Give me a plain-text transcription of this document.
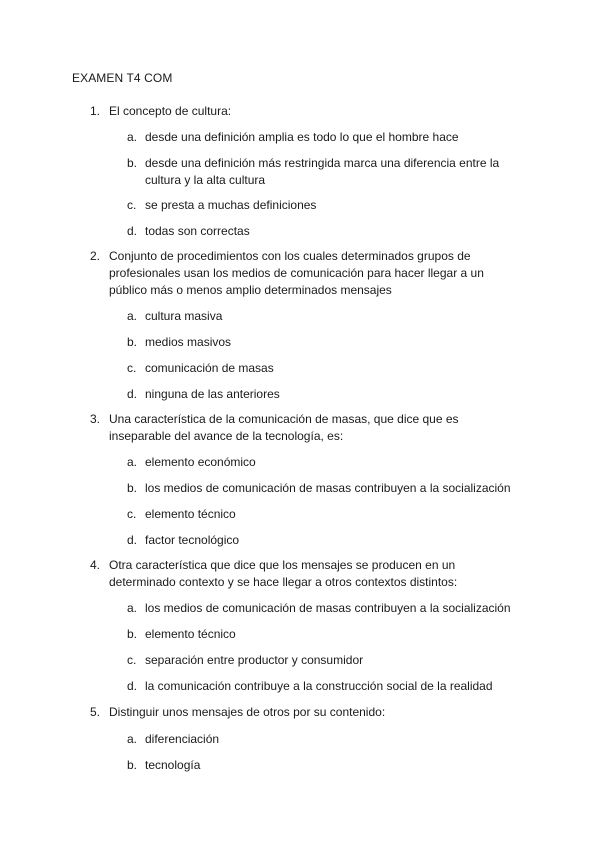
EXAMEN T4 COM
1. El concepto de cultura:
a. desde una definición amplia es todo lo que el hombre hace
b. desde una definición más restringida marca una diferencia entre la cultura y la alta cultura
c. se presta a muchas definiciones
d. todas son correctas
2. Conjunto de procedimientos con los cuales determinados grupos de profesionales usan los medios de comunicación para hacer llegar a un público más o menos amplio determinados mensajes
a. cultura masiva
b. medios masivos
c. comunicación de masas
d. ninguna de las anteriores
3. Una característica de la comunicación de masas, que dice que es inseparable del avance de la tecnología, es:
a. elemento económico
b. los medios de comunicación de masas contribuyen a la socialización
c. elemento técnico
d. factor tecnológico
4. Otra característica que dice que los mensajes se producen en un determinado contexto y se hace llegar a otros contextos distintos:
a. los medios de comunicación de masas contribuyen a la socialización
b. elemento técnico
c. separación entre productor y consumidor
d. la comunicación contribuye a la construcción social de la realidad
5. Distinguir unos mensajes de otros por su contenido:
a. diferenciación
b. tecnología
